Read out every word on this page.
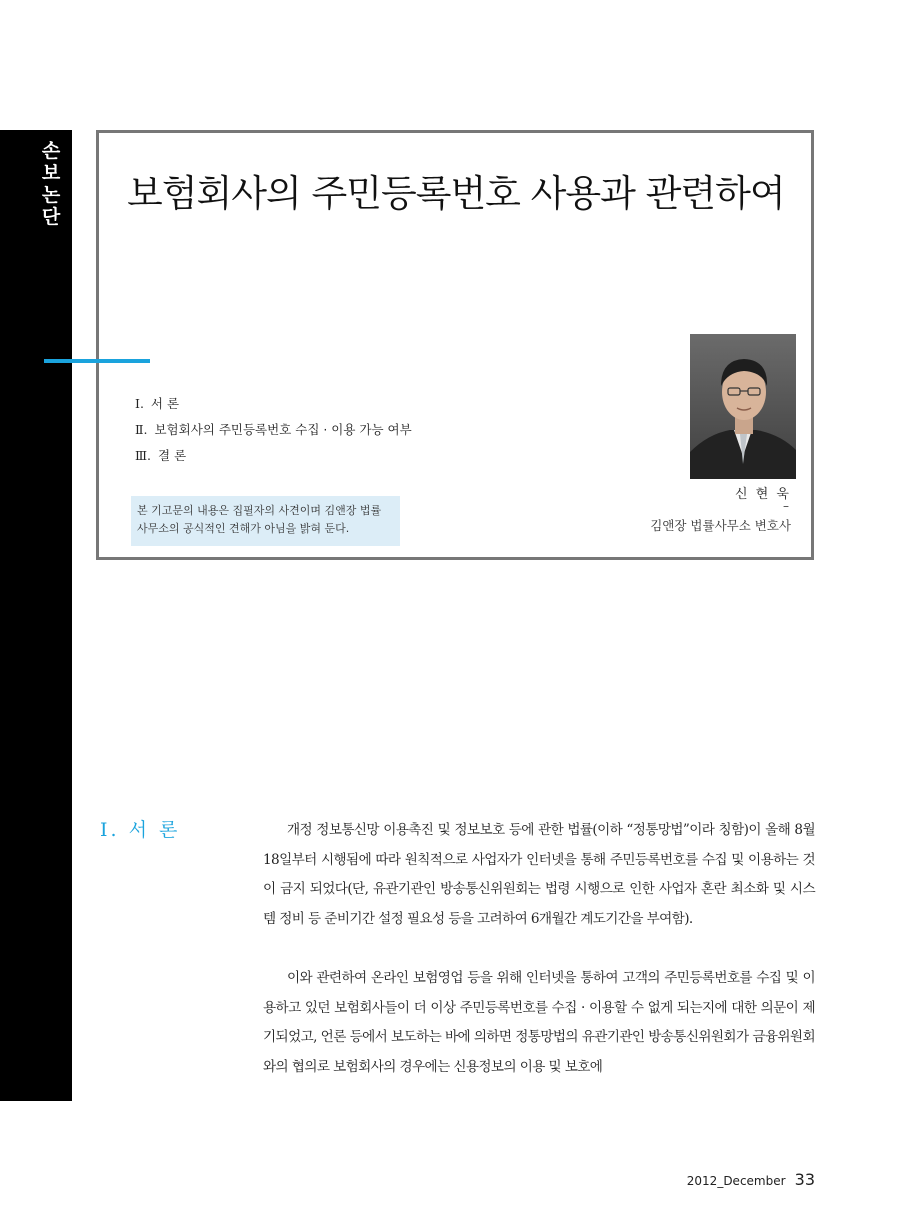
손
보
논
단
보험회사의 주민등록번호 사용과 관련하여
Ⅰ. 서 론
Ⅱ. 보험회사의 주민등록번호 수집 · 이용 가능 여부
Ⅲ. 결 론
본 기고문의 내용은 집필자의 사견이며 김앤장 법률 사무소의 공식적인 견해가 아님을 밝혀 둔다.
신 현 욱
–
김앤장 법률사무소 변호사
Ⅰ. 서 론	개정 정보통신망 이용촉진 및 정보보호 등에 관한 법률(이하 “정통망법”이라 칭함)이 올해 8월 18일부터 시행됨에 따라 원칙적으로 사업자가 인터넷을 통해 주민등록번호를 수집 및 이용하는 것이 금지 되었다(단, 유관기관인 방송통신위원회는 법령 시행으로 인한 사업자 혼란 최소화 및 시스템 정비 등 준비기간 설정 필요성 등을 고려하여 6개월간 계도기간을 부여함).

이와 관련하여 온라인 보험영업 등을 위해 인터넷을 통하여 고객의 주민등록번호를 수집 및 이용하고 있던 보험회사들이 더 이상 주민등록번호를 수집 · 이용할 수 없게 되는지에 대한 의문이 제기되었고, 언론 등에서 보도하는 바에 의하면 정통망법의 유관기관인 방송통신위원회가 금융위원회와의 협의로 보험회사의 경우에는 신용정보의 이용 및 보호에

2012_December 33
